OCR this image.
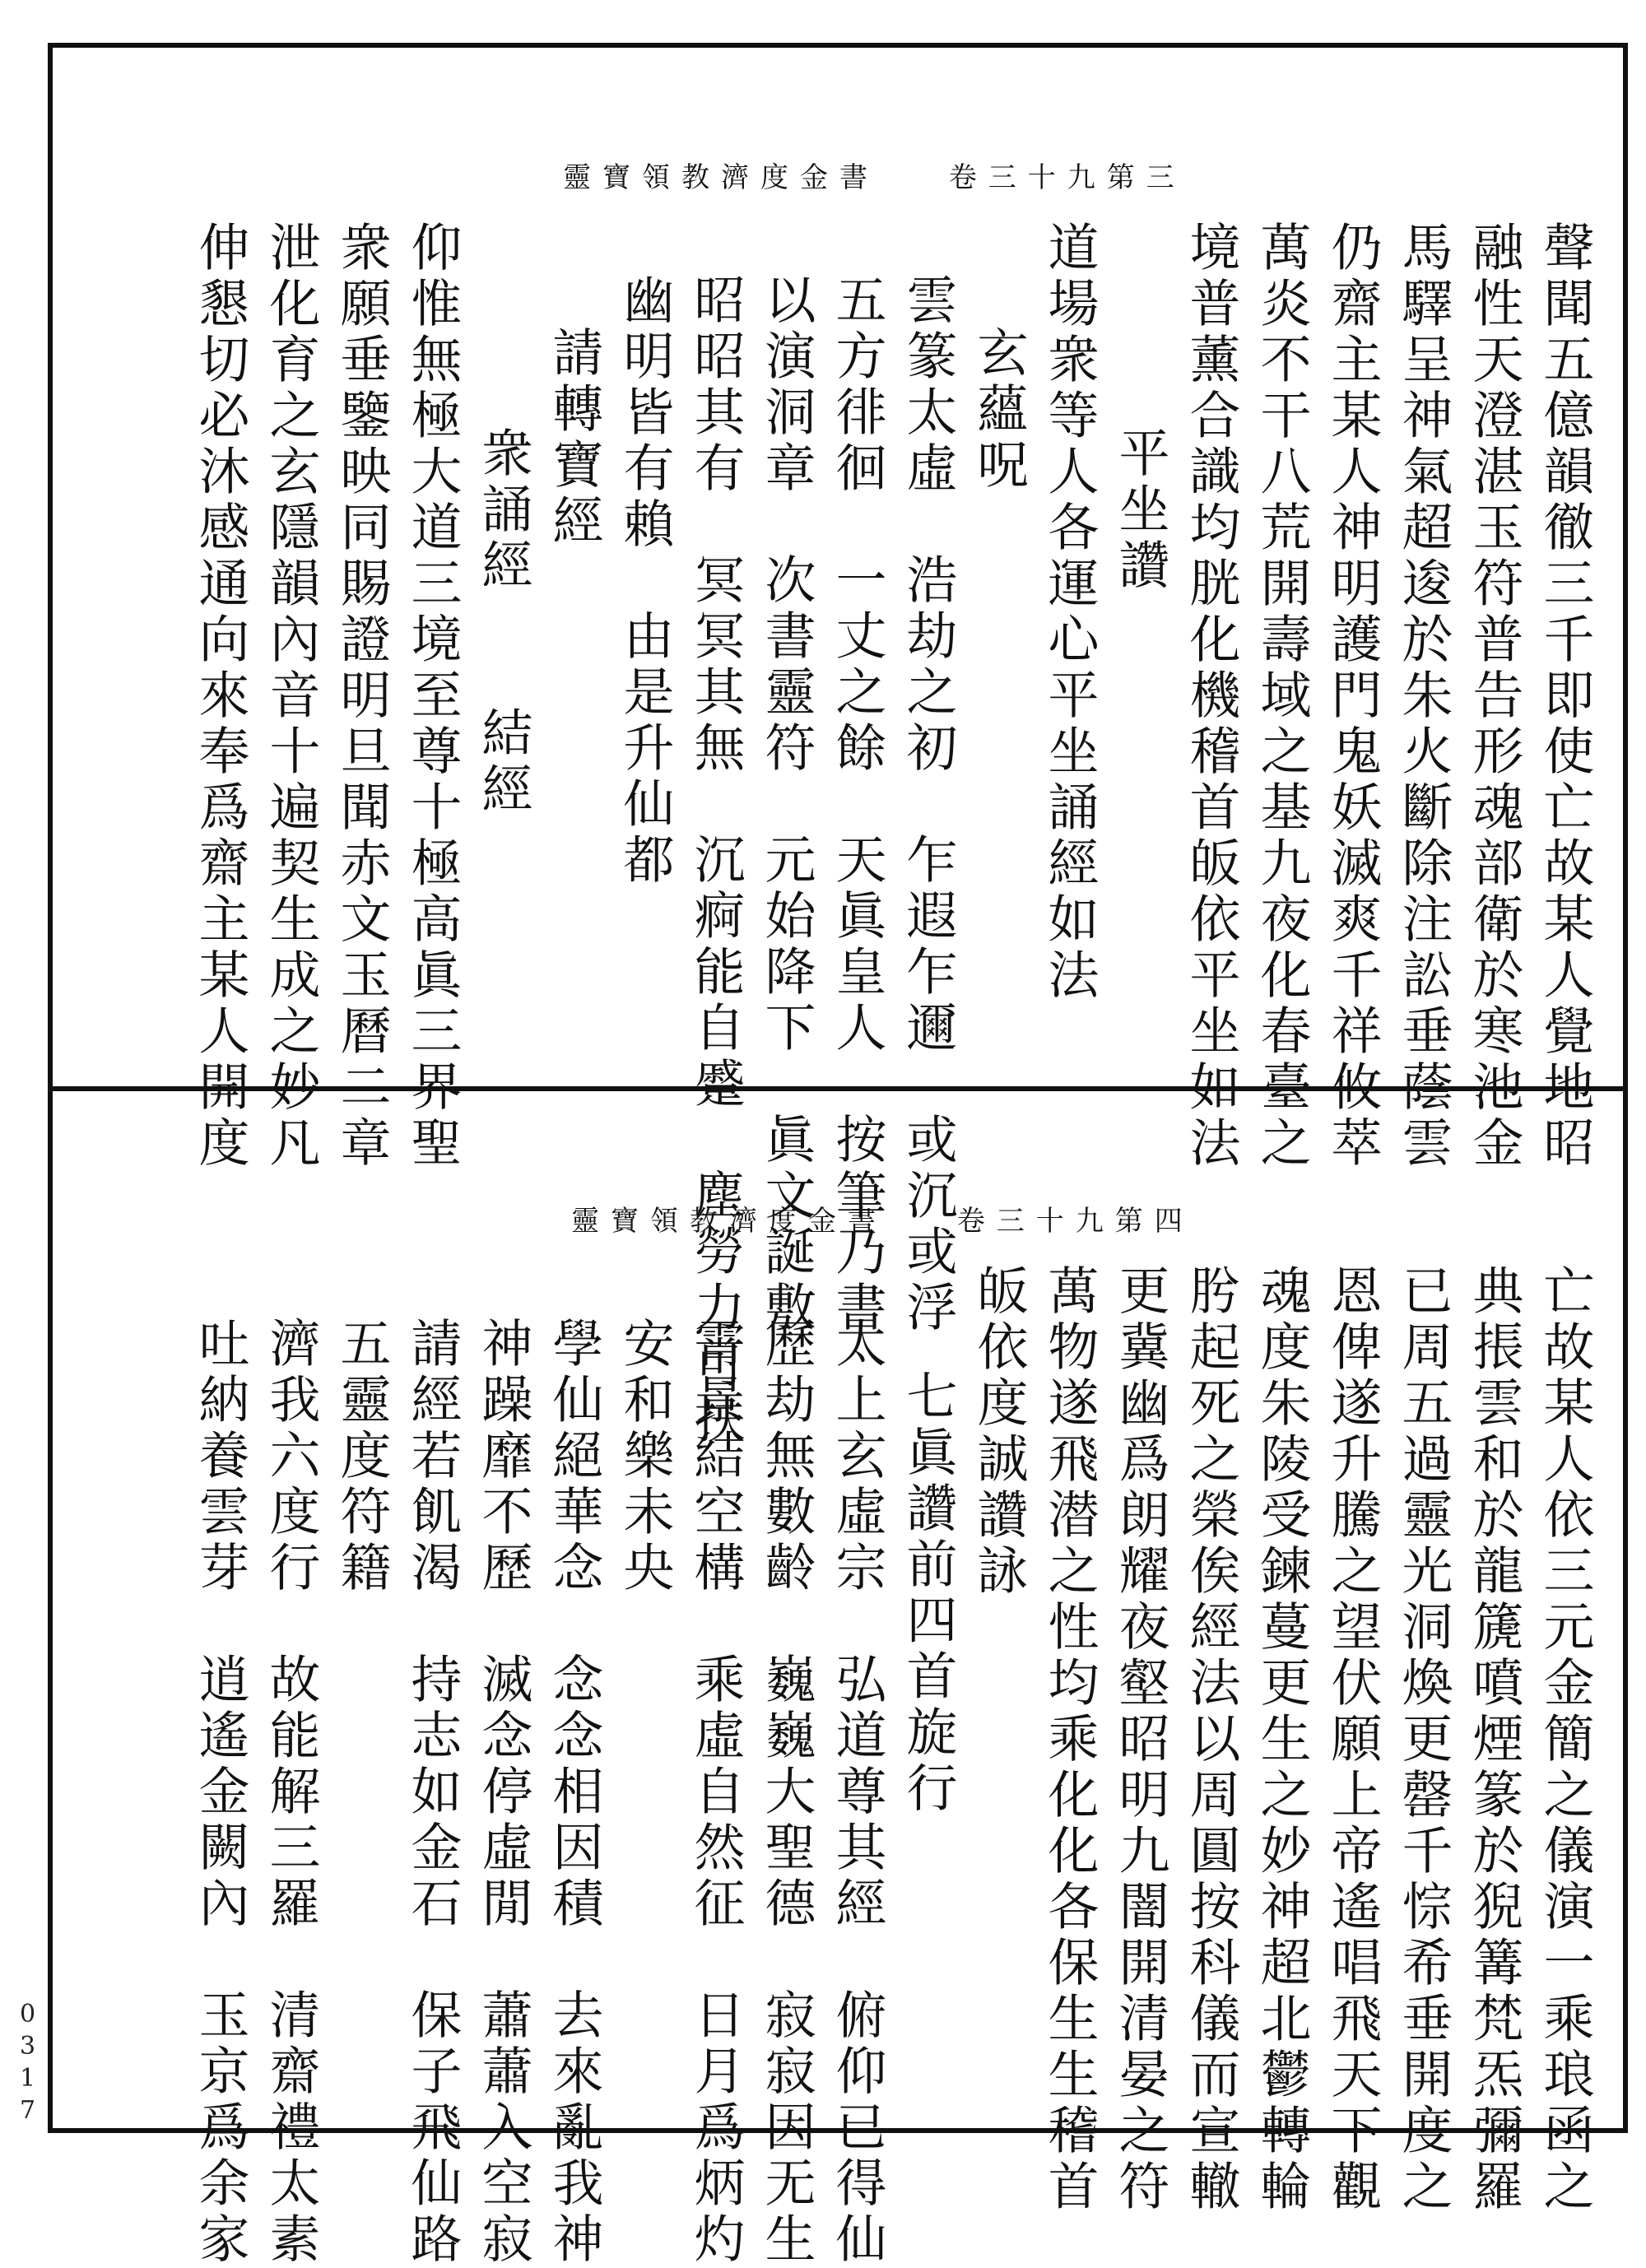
0317
靈寶領教濟度金書 卷三十九第三
聲聞五億韻徹三千即使亡故某人覺地昭
融性天澄湛玉符普告形魂部衛於寒池金
馬驛呈神氣超逡於朱火斷除注訟垂蔭雲
仍齋主某人神明護門鬼妖滅爽千祥攸萃
萬炎不干八荒開壽域之基九夜化春臺之
境普薰合識均胱化機稽首皈依平坐如法
平坐讚
道場衆等人各運心平坐誦經如法
玄蘊呪
雲篆太虛　浩劫之初　乍遐乍邇　或沉或浮
五方徘徊　一丈之餘　天眞皇人　按筆乃書
以演洞章　次書靈符　元始降下　眞文誕敷
昭昭其有　冥冥其無　沉痾能自蹙　塵勞力可扶
幽明皆有賴　由是升仙都
請轉寶經
衆誦經　　結經
仰惟無極大道三境至尊十極高眞三界聖
衆願垂鑒映同賜證明旦聞赤文玉曆二章
泄化育之玄隱韻內音十遍契生成之妙凡
伸懇切必沐感通向來奉爲齋主某人開度
靈寶領教濟度金書 卷三十九第四
亡故某人依三元金簡之儀演一乘琅函之
典掁雲和於龍篪噴煙篆於猊篝梵炁彌羅
已周五過靈光洞煥更罄千悰希垂開度之
恩俾遂升騰之望伏願上帝遙唱飛天下觀
魂度朱陵受鍊蔓更生之妙神超北鬱轉輪
肹起死之榮俟經法以周圓按科儀而宣轍
更冀幽爲朗耀夜壑昭明九闇開清晏之符
萬物遂飛潜之性均乘化化各保生生稽首
皈依度誠讚詠
七眞讚前四首旋行
太上玄虛宗　弘道尊其經　俯仰已得仙
歷劫無數齡　巍巍大聖德　寂寂因无生
霄景結空構　乘虛自然征　日月爲炳灼
安和樂未央
學仙絕華念　念念相因積　去來亂我神
神躁靡不歷　滅念停虛閒　蕭蕭入空寂
請經若飢渴　持志如金石　保子飛仙路
五靈度符籍
濟我六度行　故能解三羅　清齋禮太素
吐納養雲芽　逍遙金闕內　玉京爲余家
